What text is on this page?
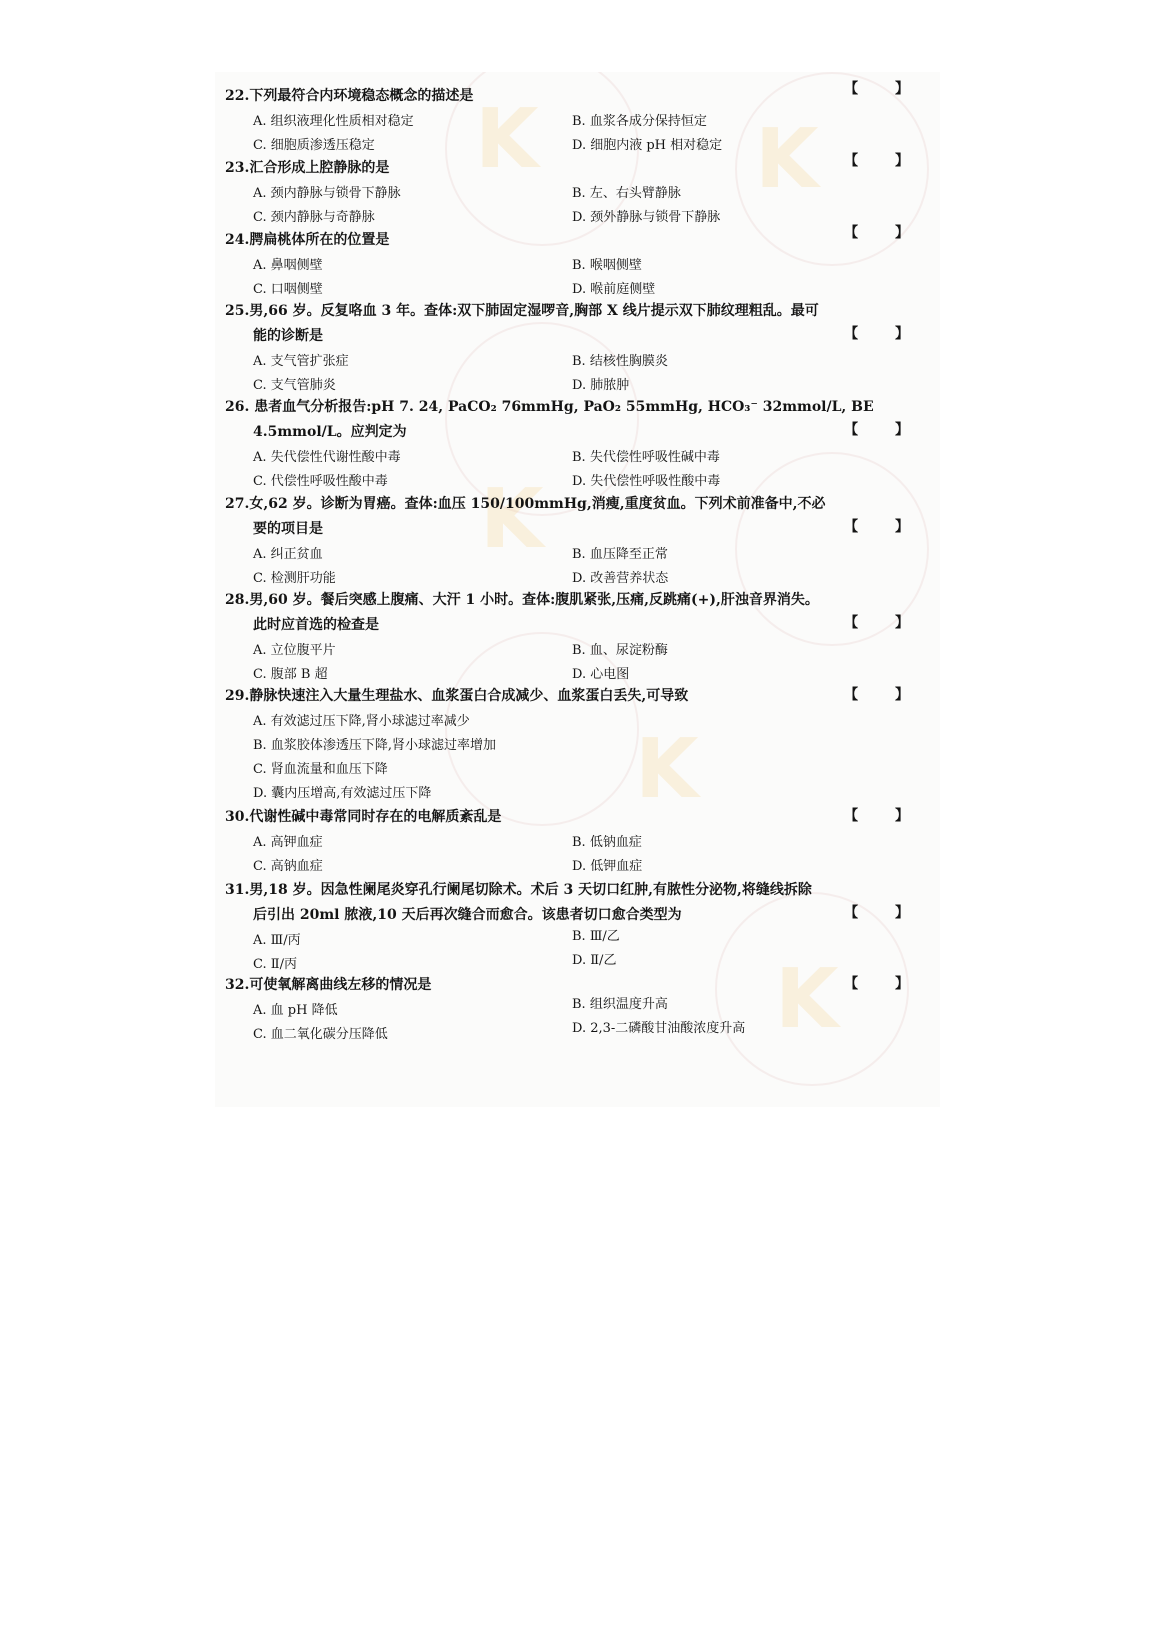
K	K
K
K
K
【 】
22.下列最符合内环境稳态概念的描述是
A. 组织液理化性质相对稳定	B. 血浆各成分保持恒定
C. 细胞质渗透压稳定	D. 细胞内液 pH 相对稳定
【 】
23.汇合形成上腔静脉的是
A. 颈内静脉与锁骨下静脉	B. 左、右头臂静脉
C. 颈内静脉与奇静脉	D. 颈外静脉与锁骨下静脉
【 】
24.腭扁桃体所在的位置是
A. 鼻咽侧壁	B. 喉咽侧壁
C. 口咽侧壁	D. 喉前庭侧壁
【 】
25.男,66 岁。反复咯血 3 年。查体:双下肺固定湿啰音,胸部 X 线片提示双下肺纹理粗乱。最可
能的诊断是
A. 支气管扩张症	B. 结核性胸膜炎
C. 支气管肺炎	D. 肺脓肿
【 】
26. 患者血气分析报告:pH 7. 24, PaCO₂ 76mmHg, PaO₂ 55mmHg, HCO₃⁻ 32mmol/L, BE
4.5mmol/L。应判定为
A. 失代偿性代谢性酸中毒	B. 失代偿性呼吸性碱中毒
C. 代偿性呼吸性酸中毒	D. 失代偿性呼吸性酸中毒
【 】
27.女,62 岁。诊断为胃癌。查体:血压 150/100mmHg,消瘦,重度贫血。下列术前准备中,不必
要的项目是
A. 纠正贫血	B. 血压降至正常
C. 检测肝功能	D. 改善营养状态
【 】
28.男,60 岁。餐后突感上腹痛、大汗 1 小时。查体:腹肌紧张,压痛,反跳痛(+),肝浊音界消失。
此时应首选的检查是
A. 立位腹平片	B. 血、尿淀粉酶
C. 腹部 B 超	D. 心电图
【 】
29.静脉快速注入大量生理盐水、血浆蛋白合成减少、血浆蛋白丢失,可导致
A. 有效滤过压下降,肾小球滤过率减少
B. 血浆胶体渗透压下降,肾小球滤过率增加
C. 肾血流量和血压下降
D. 囊内压增高,有效滤过压下降
【 】
30.代谢性碱中毒常同时存在的电解质紊乱是
A. 高钾血症	B. 低钠血症
C. 高钠血症	D. 低钾血症
【 】
31.男,18 岁。因急性阑尾炎穿孔行阑尾切除术。术后 3 天切口红肿,有脓性分泌物,将缝线拆除
后引出 20ml 脓液,10 天后再次缝合而愈合。该患者切口愈合类型为
A. Ⅲ/丙	B. Ⅲ/乙
C. Ⅱ/丙	D. Ⅱ/乙
【 】
32.可使氧解离曲线左移的情况是
A. 血 pH 降低	B. 组织温度升高
C. 血二氧化碳分压降低	D. 2,3-二磷酸甘油酸浓度升高
